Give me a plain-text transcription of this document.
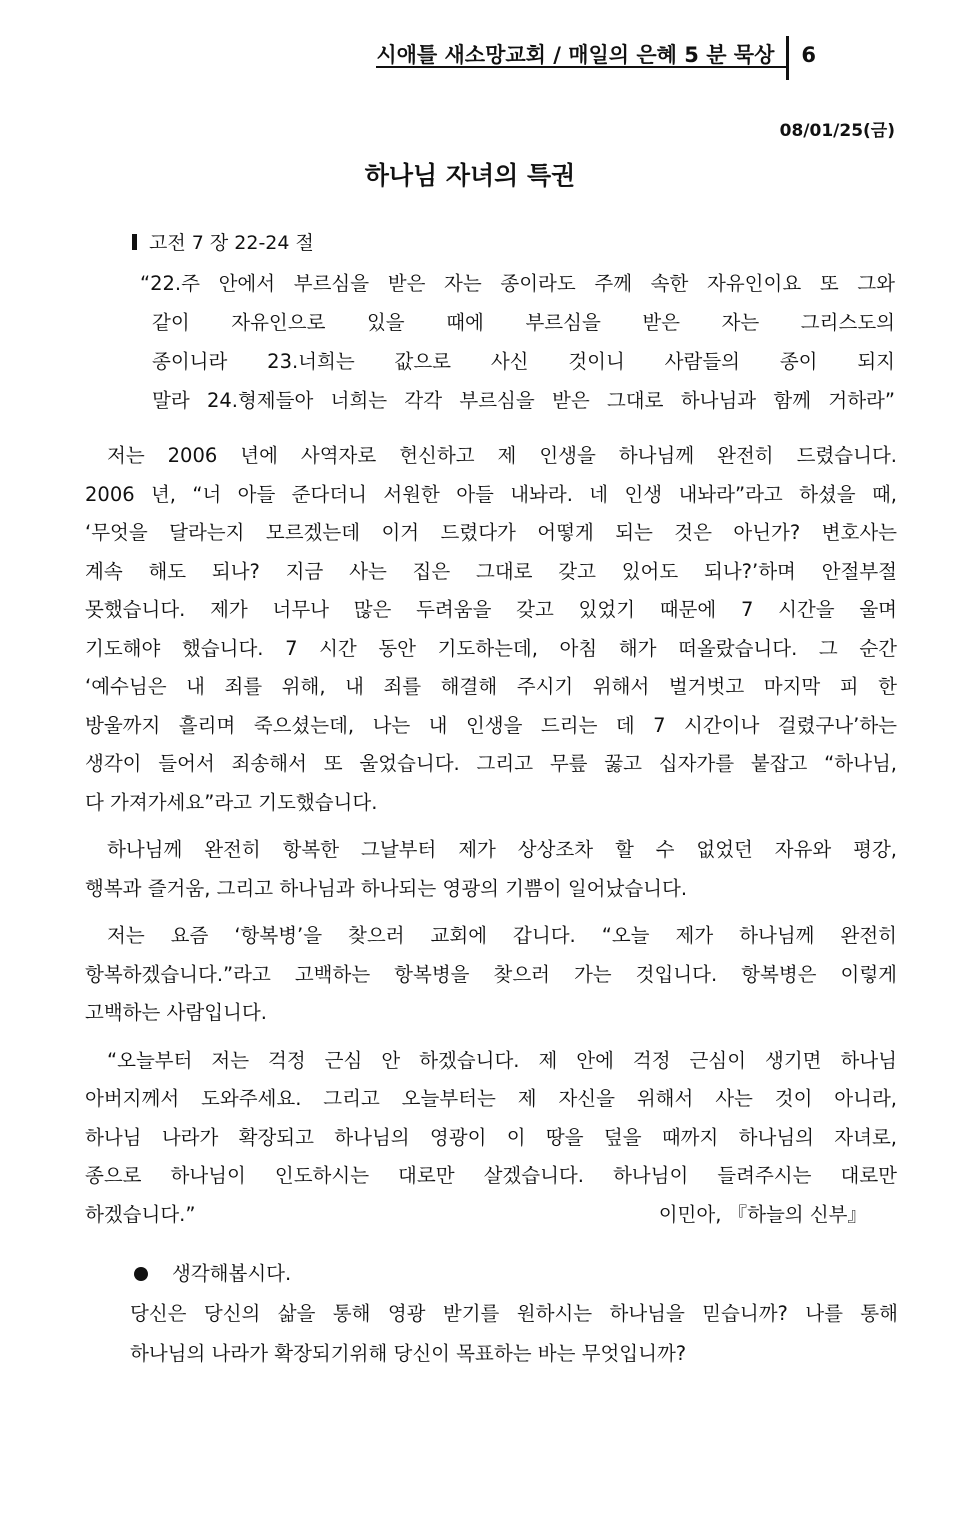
시애틀 새소망교회 / 매일의 은혜 5 분 묵상	6
08/01/25(금)
하나님 자녀의 특권
고전 7 장 22-24 절
“22.주 안에서 부르심을 받은 자는 종이라도 주께 속한 자유인이요 또 그와
같이 자유인으로 있을 때에 부르심을 받은 자는 그리스도의
종이니라 23.너희는 값으로 사신 것이니 사람들의 종이 되지
말라 24.형제들아 너희는 각각 부르심을 받은 그대로 하나님과 함께 거하라”
저는 2006 년에 사역자로 헌신하고 제 인생을 하나님께 완전히 드렸습니다.
2006 년, “너 아들 준다더니 서원한 아들 내놔라. 네 인생 내놔라”라고 하셨을 때,
‘무엇을 달라는지 모르겠는데 이거 드렸다가 어떻게 되는 것은 아닌가? 변호사는
계속 해도 되나? 지금 사는 집은 그대로 갖고 있어도 되나?’하며 안절부절
못했습니다. 제가 너무나 많은 두려움을 갖고 있었기 때문에 7 시간을 울며
기도해야 했습니다. 7 시간 동안 기도하는데, 아침 해가 떠올랐습니다. 그 순간
‘예수님은 내 죄를 위해, 내 죄를 해결해 주시기 위해서 벌거벗고 마지막 피 한
방울까지 흘리며 죽으셨는데, 나는 내 인생을 드리는 데 7 시간이나 걸렸구나’하는
생각이 들어서 죄송해서 또 울었습니다. 그리고 무릎 꿇고 십자가를 붙잡고 “하나님,
다 가져가세요”라고 기도했습니다.
하나님께 완전히 항복한 그날부터 제가 상상조차 할 수 없었던 자유와 평강,
행복과 즐거움, 그리고 하나님과 하나되는 영광의 기쁨이 일어났습니다.
저는 요즘 ‘항복병’을 찾으러 교회에 갑니다. “오늘 제가 하나님께 완전히
항복하겠습니다.”라고 고백하는 항복병을 찾으러 가는 것입니다. 항복병은 이렇게
고백하는 사람입니다.
“오늘부터 저는 걱정 근심 안 하겠습니다. 제 안에 걱정 근심이 생기면 하나님
아버지께서 도와주세요. 그리고 오늘부터는 제 자신을 위해서 사는 것이 아니라,
하나님 나라가 확장되고 하나님의 영광이 이 땅을 덮을 때까지 하나님의 자녀로,
종으로 하나님이 인도하시는 대로만 살겠습니다. 하나님이 들려주시는 대로만
하겠습니다.”	이민아, 『하늘의 신부』
생각해봅시다.
당신은 당신의 삶을 통해 영광 받기를 원하시는 하나님을 믿습니까? 나를 통해
하나님의 나라가 확장되기위해 당신이 목표하는 바는 무엇입니까?
